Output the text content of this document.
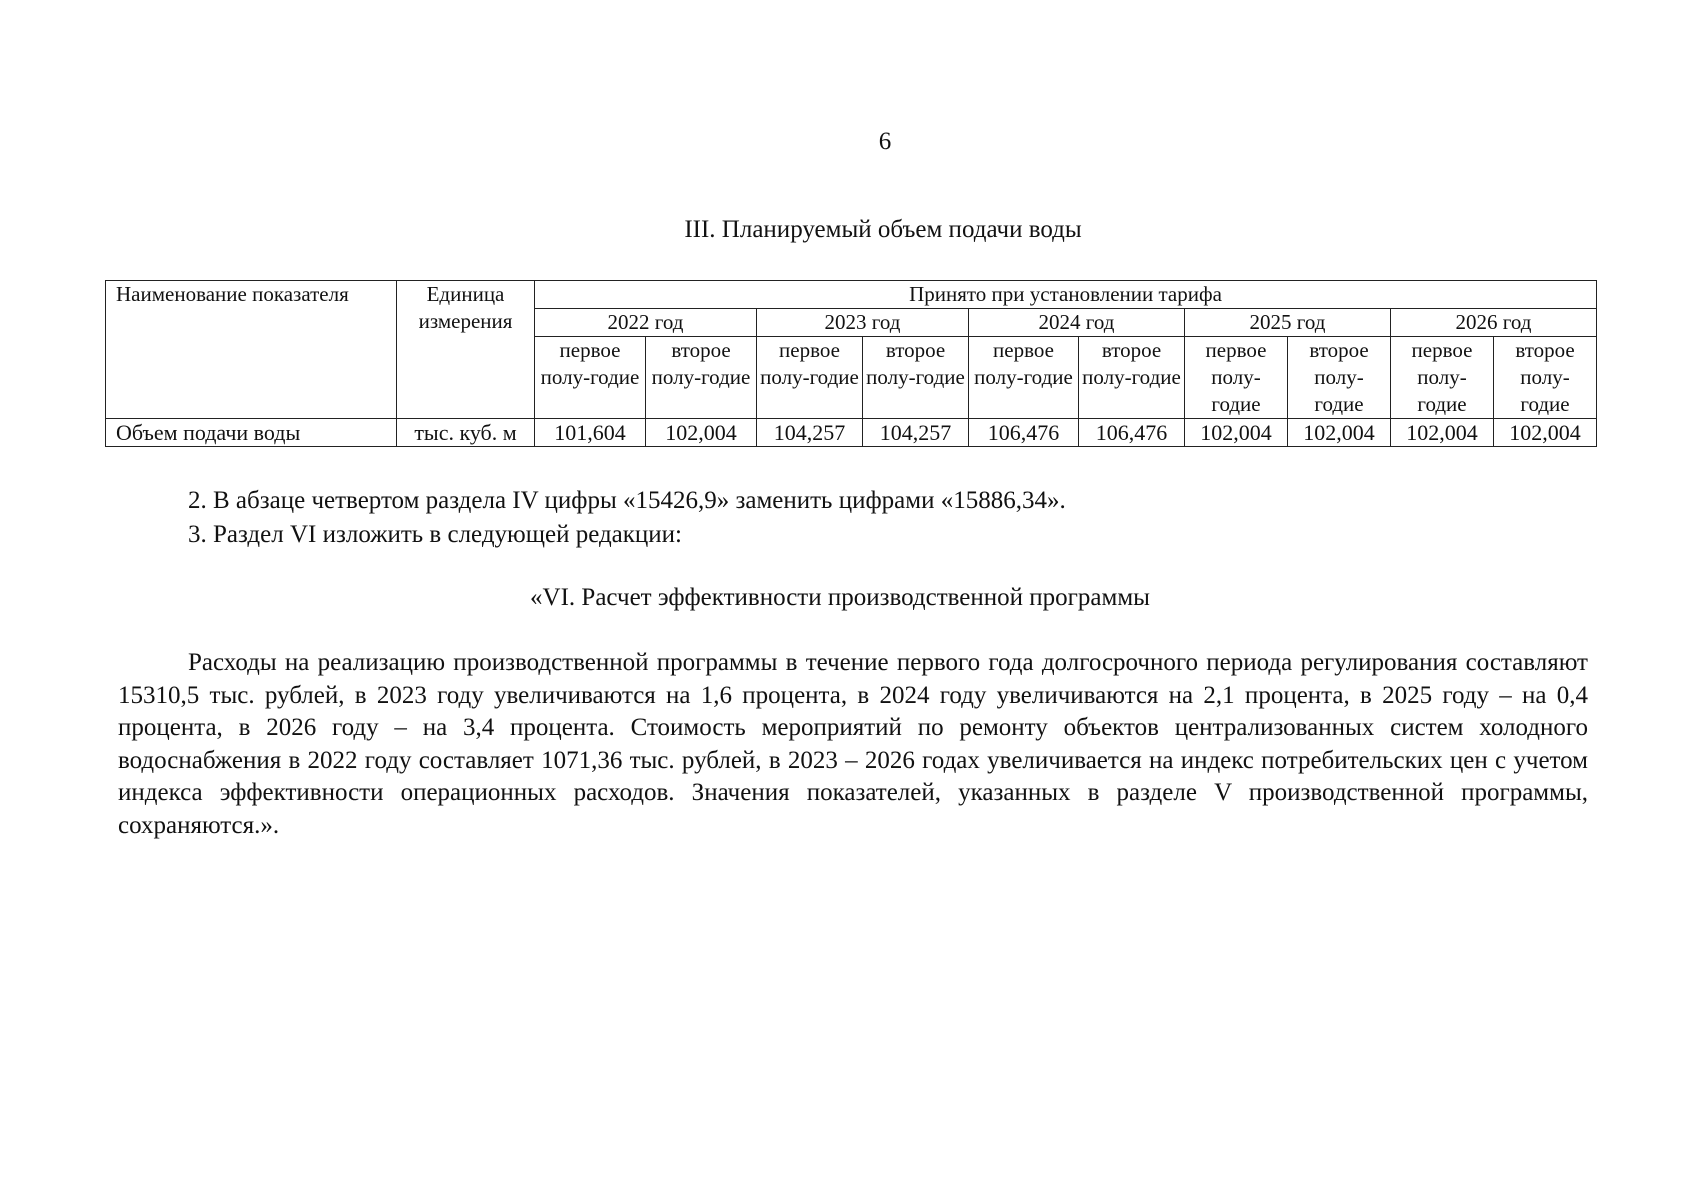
6
III. Планируемый объем подачи воды
Наименование показателя	Единица измерения	Принято при установлении тарифа									
		2022 год		2023 год		2024 год		2025 год		2026 год	
		первое полу-годие	второе полу-годие	первое полу-годие	второе полу-годие	первое полу-годие	второе полу-годие	первое полу-годие	второе полу-годие	первое полу-годие	второе полу-годие
Объем подачи воды	тыс. куб. м	101,604	102,004	104,257	104,257	106,476	106,476	102,004	102,004	102,004	102,004
2. В абзаце четвертом раздела IV цифры «15426,9» заменить цифрами «15886,34».
3. Раздел VI изложить в следующей редакции:
«VI. Расчет эффективности производственной программы

Расходы на реализацию производственной программы в течение первого года долгосрочного периода регулирования составляют 15310,5 тыс. рублей, в 2023 году увеличиваются на 1,6 процента, в 2024 году увеличиваются на 2,1 процента, в 2025 году – на 0,4 процента, в 2026 году – на 3,4 процента. Стоимость мероприятий по ремонту объектов централизованных систем холодного водоснабжения в 2022 году составляет 1071,36 тыс. рублей, в 2023 – 2026 годах увеличивается на индекс потребительских цен с учетом индекса эффективности операционных расходов. Значения показателей, указанных в разделе V производственной программы, сохраняются.».
